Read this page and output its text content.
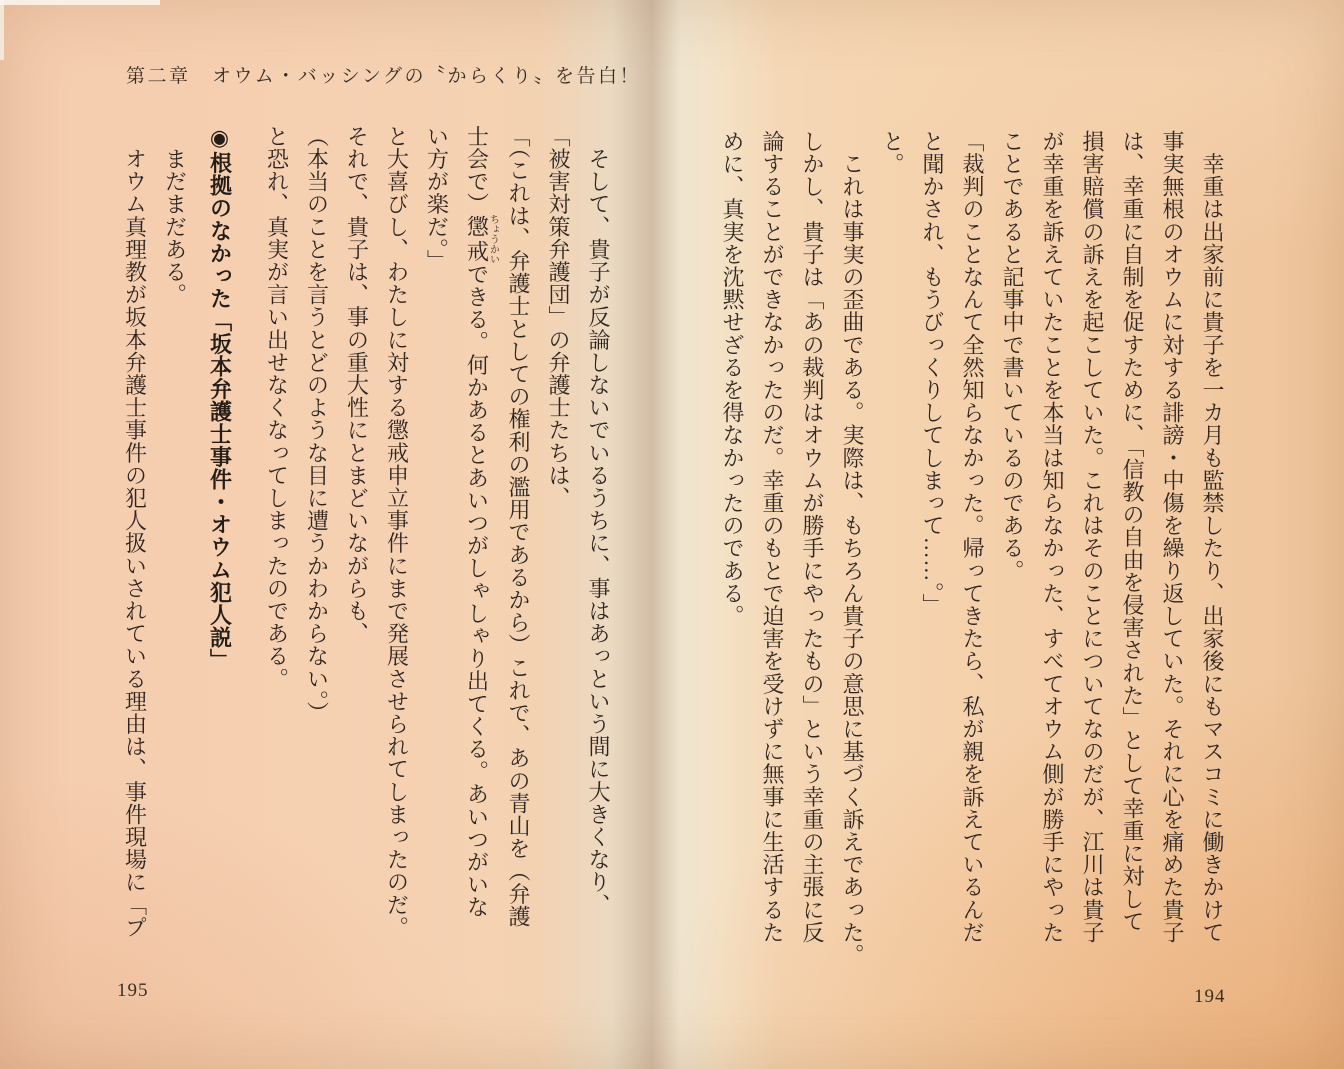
第二章　オウム・バッシングの〝からくり〟を告白！
　そして、貴子が反論しないでいるうちに、事はあっという間に大きくなり、
「被害対策弁護団」の弁護士たちは、
「（これは、弁護士としての権利の濫用であるから）これで、あの青山を（弁護
士会で）懲戒ちょうかいできる。何かあるとあいつがしゃしゃり出てくる。あいつがいな
い方が楽だ。」
と大喜びし、わたしに対する懲戒申立事件にまで発展させられてしまったのだ。
それで、貴子は、事の重大性にとまどいながらも、
（本当のことを言うとどのような目に遭うかわからない。）
と恐れ、真実が言い出せなくなってしまったのである。
◉根拠のなかった「坂本弁護士事件・オウム犯人説」
　まだまだある。
　オウム真理教が坂本弁護士事件の犯人扱いされている理由は、事件現場に「プ	　幸重は出家前に貴子を一カ月も監禁したり、出家後にもマスコミに働きかけて
事実無根のオウムに対する誹謗・中傷を繰り返していた。それに心を痛めた貴子
は、幸重に自制を促すために、「信教の自由を侵害された」として幸重に対して
損害賠償の訴えを起こしていた。これはそのことについてなのだが、江川は貴子
が幸重を訴えていたことを本当は知らなかった、すべてオウム側が勝手にやった
ことであると記事中で書いているのである。
「裁判のことなんて全然知らなかった。帰ってきたら、私が親を訴えているんだ
と聞かされ、もうびっくりしてしまって……。」
と。
　これは事実の歪曲である。実際は、もちろん貴子の意思に基づく訴えであった。
しかし、貴子は「あの裁判はオウムが勝手にやったもの」という幸重の主張に反
論することができなかったのだ。幸重のもとで迫害を受けずに無事に生活するた
めに、真実を沈黙せざるを得なかったのである。
195	194
